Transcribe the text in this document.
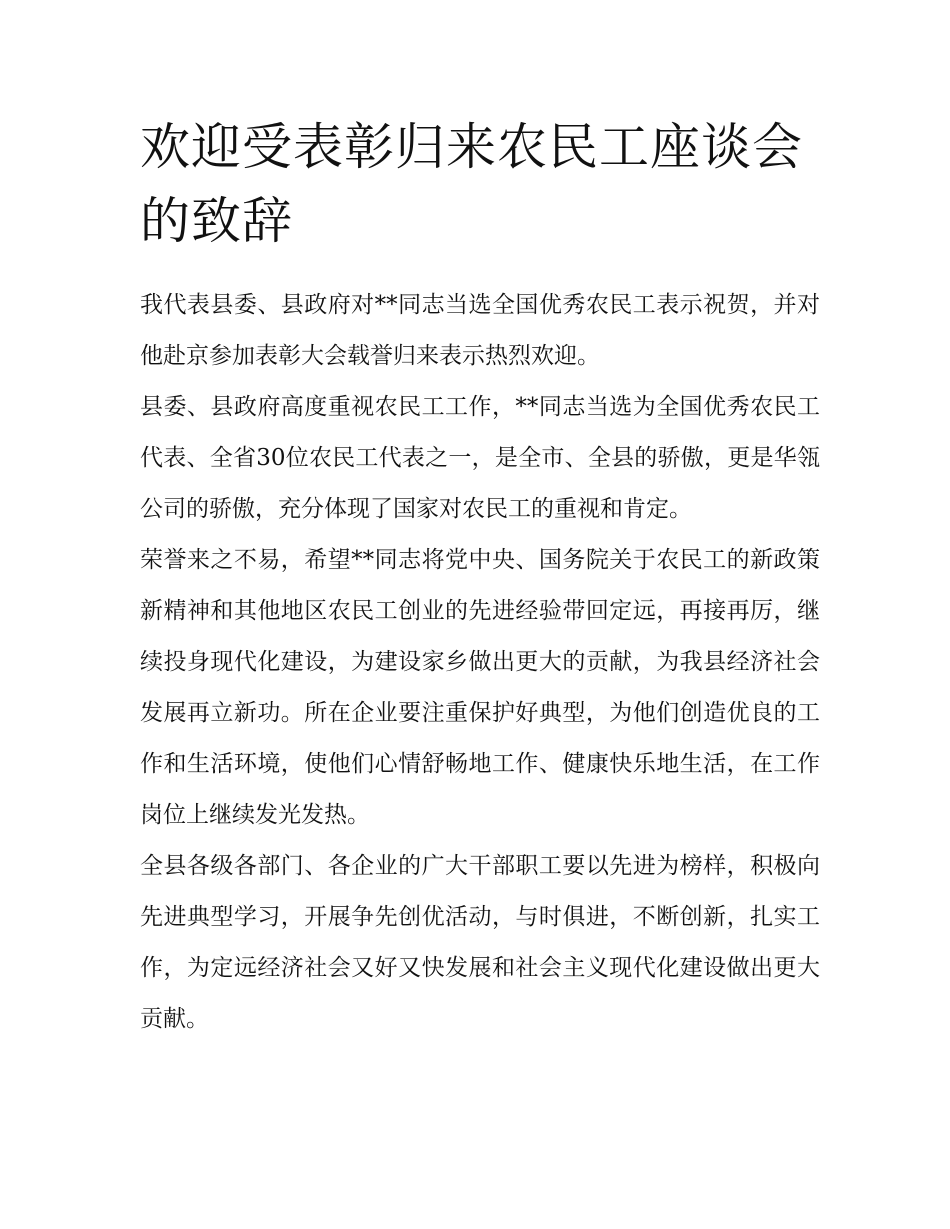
欢迎受表彰归来农民工座谈会的致辞

我代表县委、县政府对**同志当选全国优秀农民工表示祝贺，并对他赴京参加表彰大会载誉归来表示热烈欢迎。

县委、县政府高度重视农民工工作，**同志当选为全国优秀农民工代表、全省30位农民工代表之一，是全市、全县的骄傲，更是华瓴公司的骄傲，充分体现了国家对农民工的重视和肯定。

荣誉来之不易，希望**同志将党中央、国务院关于农民工的新政策新精神和其他地区农民工创业的先进经验带回定远，再接再厉，继续投身现代化建设，为建设家乡做出更大的贡献，为我县经济社会发展再立新功。所在企业要注重保护好典型，为他们创造优良的工作和生活环境，使他们心情舒畅地工作、健康快乐地生活，在工作岗位上继续发光发热。

全县各级各部门、各企业的广大干部职工要以先进为榜样，积极向先进典型学习，开展争先创优活动，与时俱进，不断创新，扎实工作，为定远经济社会又好又快发展和社会主义现代化建设做出更大贡献。
